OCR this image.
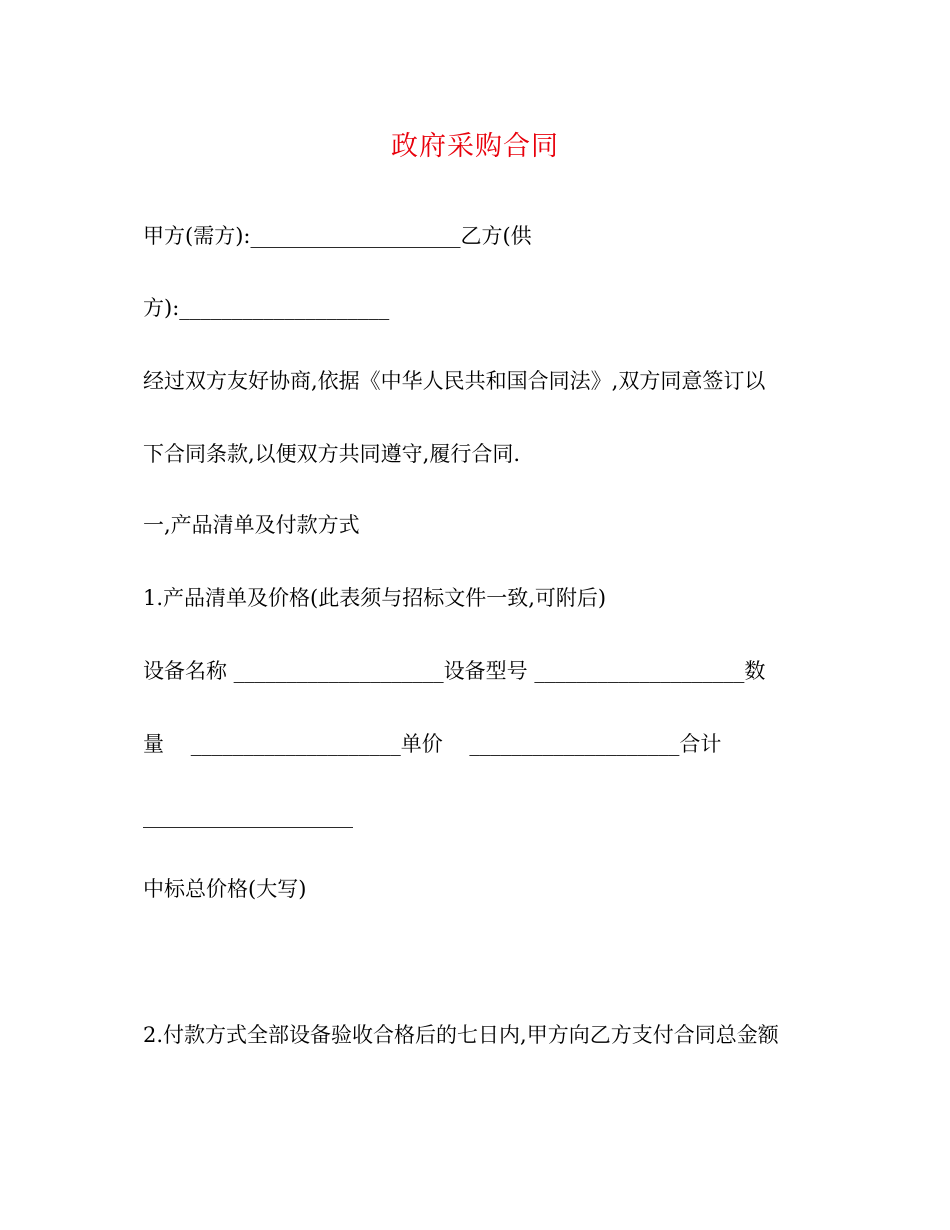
政府采购合同
甲方(需方):____________________乙方(供
方):____________________
经过双方友好协商,依据《中华人民共和国合同法》,双方同意签订以
下合同条款,以便双方共同遵守,履行合同.
一,产品清单及付款方式
1.产品清单及价格(此表须与招标文件一致,可附后)
设备名称 ____________________设备型号 ____________________数
量    ____________________单价    ____________________合计
____________________
中标总价格(大写)
2.付款方式全部设备验收合格后的七日内,甲方向乙方支付合同总金额
